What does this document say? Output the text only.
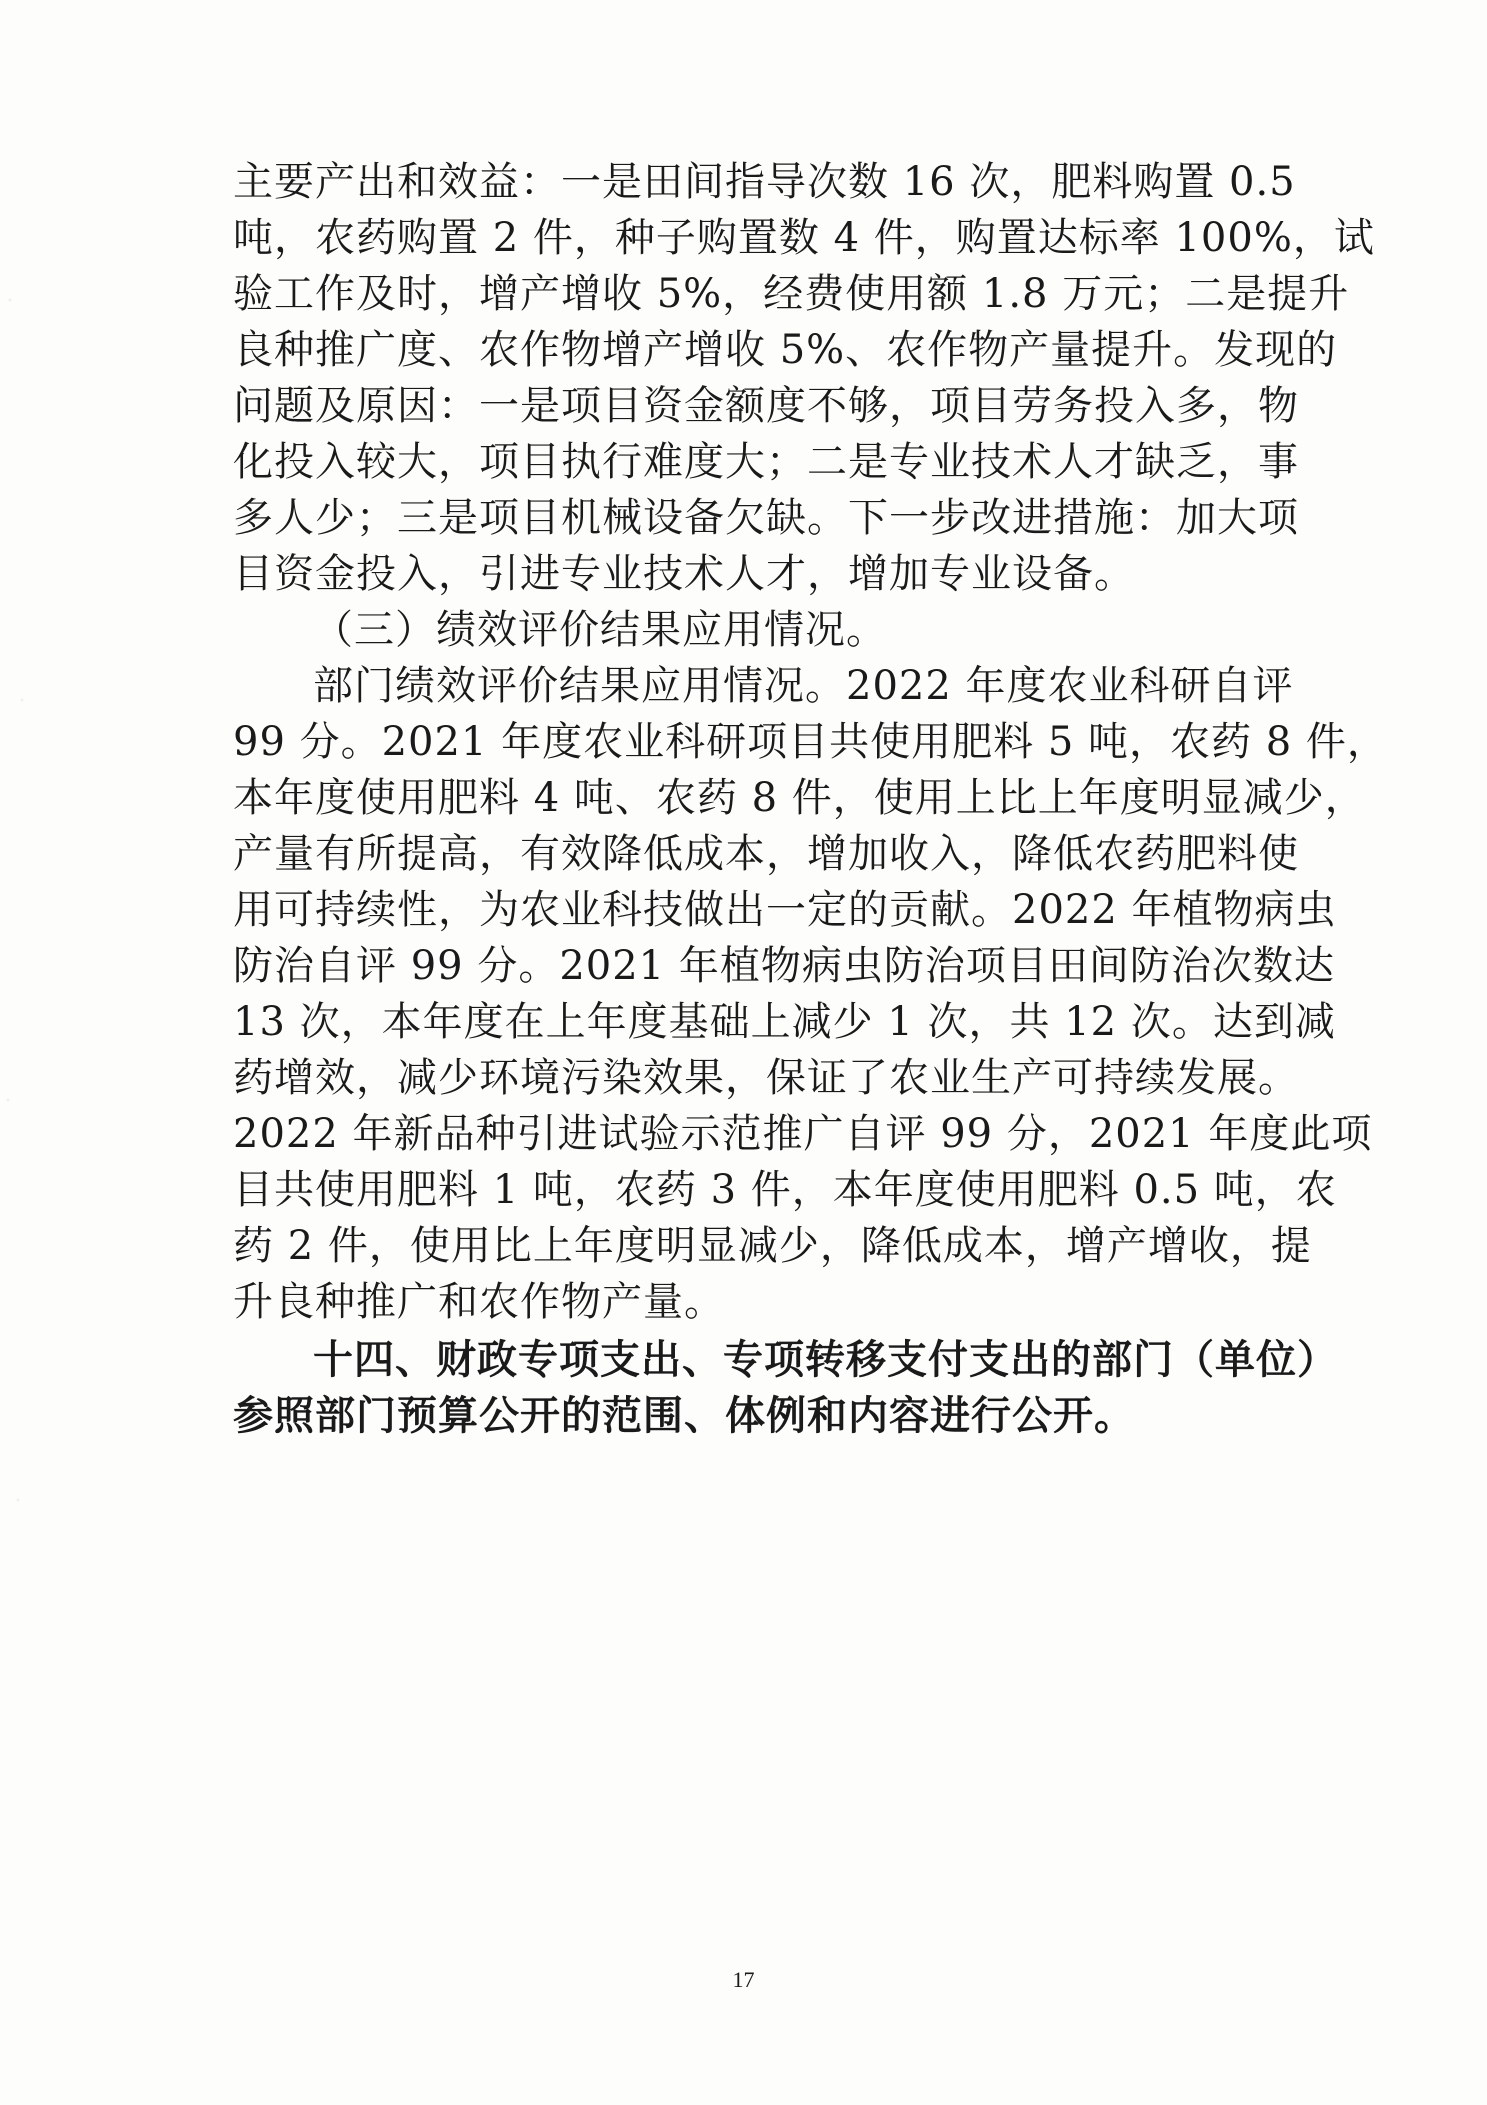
主要产出和效益：一是田间指导次数 16 次，肥料购置 0.5
吨，农药购置 2 件，种子购置数 4 件，购置达标率 100%，试
验工作及时，增产增收 5%，经费使用额 1.8 万元；二是提升
良种推广度、农作物增产增收 5%、农作物产量提升。发现的
问题及原因：一是项目资金额度不够，项目劳务投入多，物
化投入较大，项目执行难度大；二是专业技术人才缺乏，事
多人少；三是项目机械设备欠缺。下一步改进措施：加大项
目资金投入，引进专业技术人才，增加专业设备。
（三）绩效评价结果应用情况。
部门绩效评价结果应用情况。2022 年度农业科研自评
99 分。2021 年度农业科研项目共使用肥料 5 吨，农药 8 件，
本年度使用肥料 4 吨、农药 8 件，使用上比上年度明显减少，
产量有所提高，有效降低成本，增加收入，降低农药肥料使
用可持续性，为农业科技做出一定的贡献。2022 年植物病虫
防治自评 99 分。2021 年植物病虫防治项目田间防治次数达
13 次，本年度在上年度基础上减少 1 次，共 12 次。达到减
药增效，减少环境污染效果，保证了农业生产可持续发展。
2022 年新品种引进试验示范推广自评 99 分，2021 年度此项
目共使用肥料 1 吨，农药 3 件，本年度使用肥料 0.5 吨，农
药 2 件，使用比上年度明显减少，降低成本，增产增收，提
升良种推广和农作物产量。
十四、财政专项支出、专项转移支付支出的部门（单位）
参照部门预算公开的范围、体例和内容进行公开。
17
